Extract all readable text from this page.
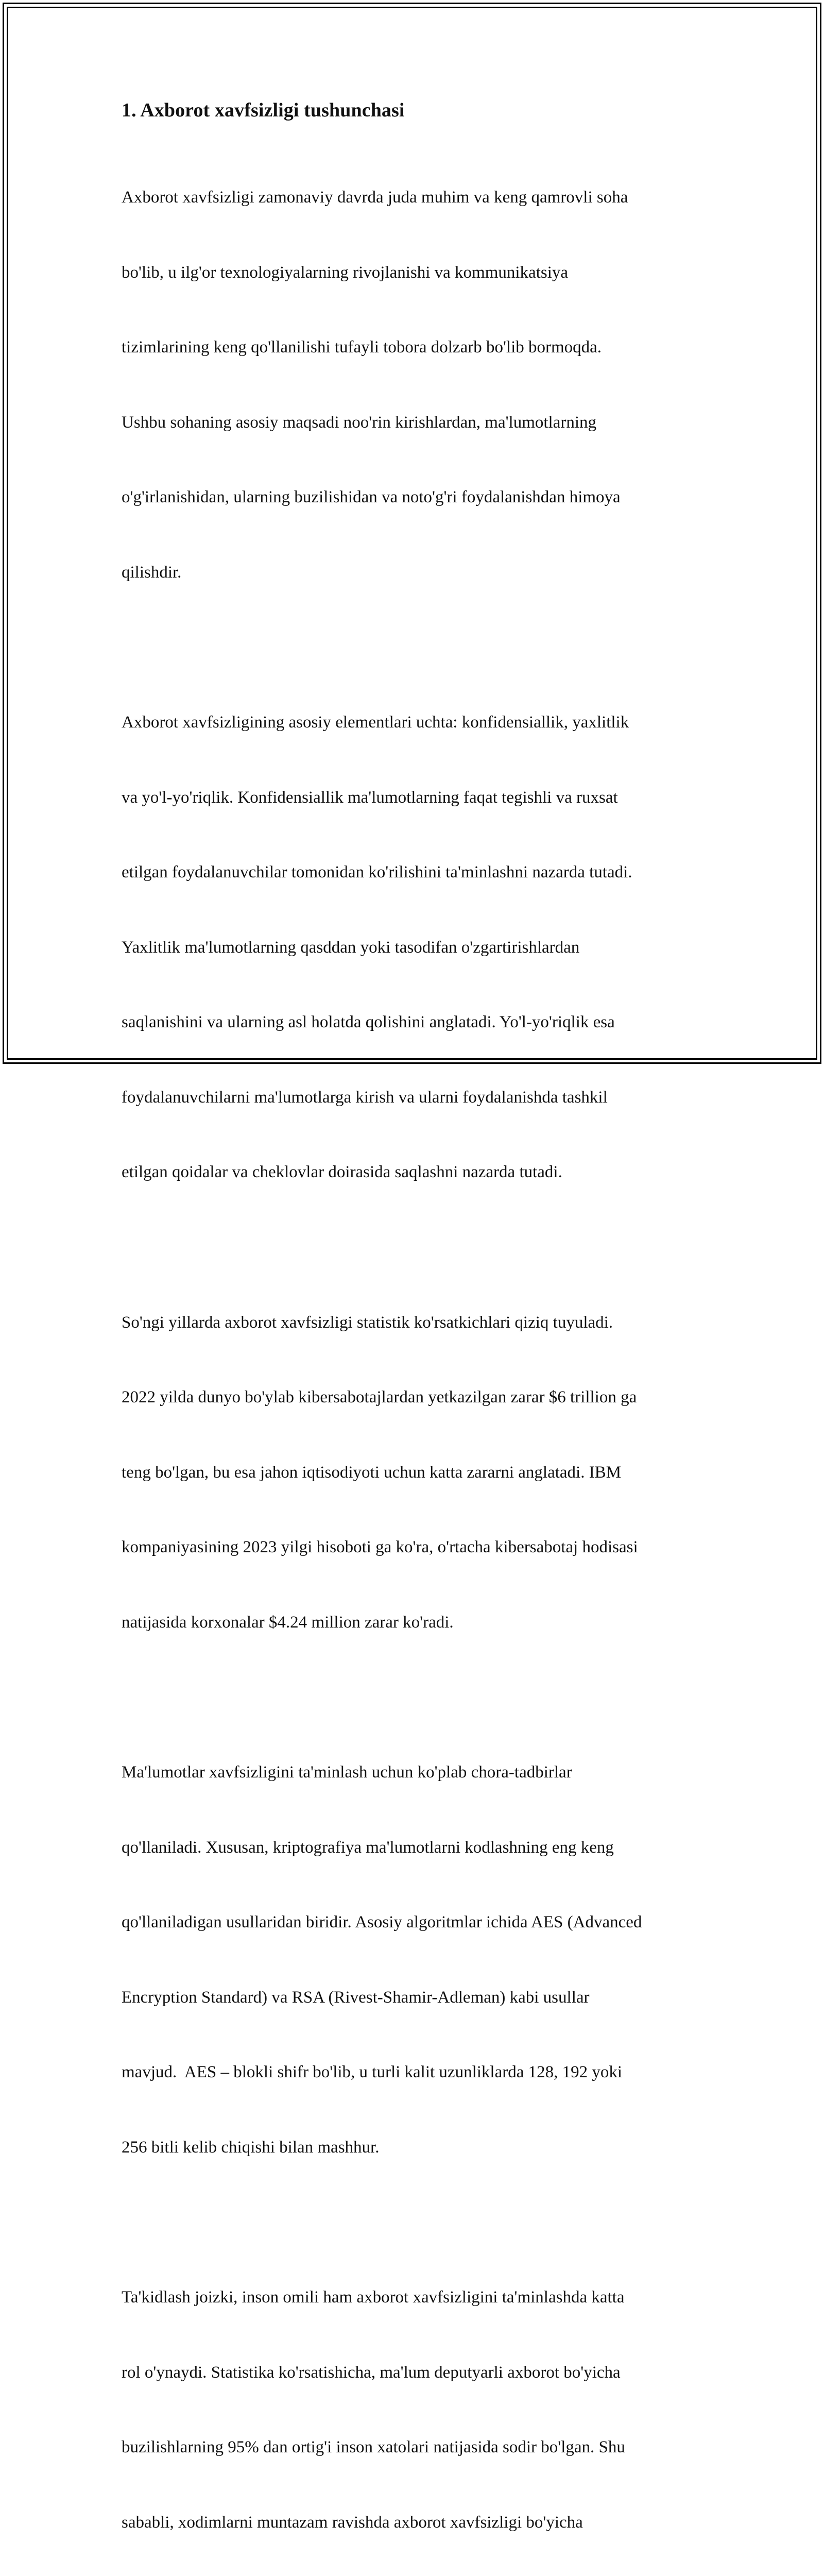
1. Axborot xavfsizligi tushunchasi

Axborot xavfsizligi zamonaviy davrda juda muhim va keng qamrovli soha

bo'lib, u ilg'or texnologiyalarning rivojlanishi va kommunikatsiya

tizimlarining keng qo'llanilishi tufayli tobora dolzarb bo'lib bormoqda.

Ushbu sohaning asosiy maqsadi noo'rin kirishlardan, ma'lumotlarning

o'g'irlanishidan, ularning buzilishidan va noto'g'ri foydalanishdan himoya

qilishdir.

Axborot xavfsizligining asosiy elementlari uchta: konfidensiallik, yaxlitlik

va yo'l-yo'riqlik. Konfidensiallik ma'lumotlarning faqat tegishli va ruxsat

etilgan foydalanuvchilar tomonidan ko'rilishini ta'minlashni nazarda tutadi.

Yaxlitlik ma'lumotlarning qasddan yoki tasodifan o'zgartirishlardan

saqlanishini va ularning asl holatda qolishini anglatadi. Yo'l-yo'riqlik esa

foydalanuvchilarni ma'lumotlarga kirish va ularni foydalanishda tashkil

etilgan qoidalar va cheklovlar doirasida saqlashni nazarda tutadi.

So'ngi yillarda axborot xavfsizligi statistik ko'rsatkichlari qiziq tuyuladi.

2022 yilda dunyo bo'ylab kibersabotajlardan yetkazilgan zarar $6 trillion ga

teng bo'lgan, bu esa jahon iqtisodiyoti uchun katta zararni anglatadi. IBM

kompaniyasining 2023 yilgi hisoboti ga ko'ra, o'rtacha kibersabotaj hodisasi

natijasida korxonalar $4.24 million zarar ko'radi.

Ma'lumotlar xavfsizligini ta'minlash uchun ko'plab chora-tadbirlar

qo'llaniladi. Xususan, kriptografiya ma'lumotlarni kodlashning eng keng

qo'llaniladigan usullaridan biridir. Asosiy algoritmlar ichida AES (Advanced

Encryption Standard) va RSA (Rivest-Shamir-Adleman) kabi usullar

mavjud.  AES – blokli shifr bo'lib, u turli kalit uzunliklarda 128, 192 yoki

256 bitli kelib chiqishi bilan mashhur.

Ta'kidlash joizki, inson omili ham axborot xavfsizligini ta'minlashda katta

rol o'ynaydi. Statistika ko'rsatishicha, ma'lum deputyarli axborot bo'yicha

buzilishlarning 95% dan ortig'i inson xatolari natijasida sodir bo'lgan. Shu

sababli, xodimlarni muntazam ravishda axborot xavfsizligi bo'yicha
